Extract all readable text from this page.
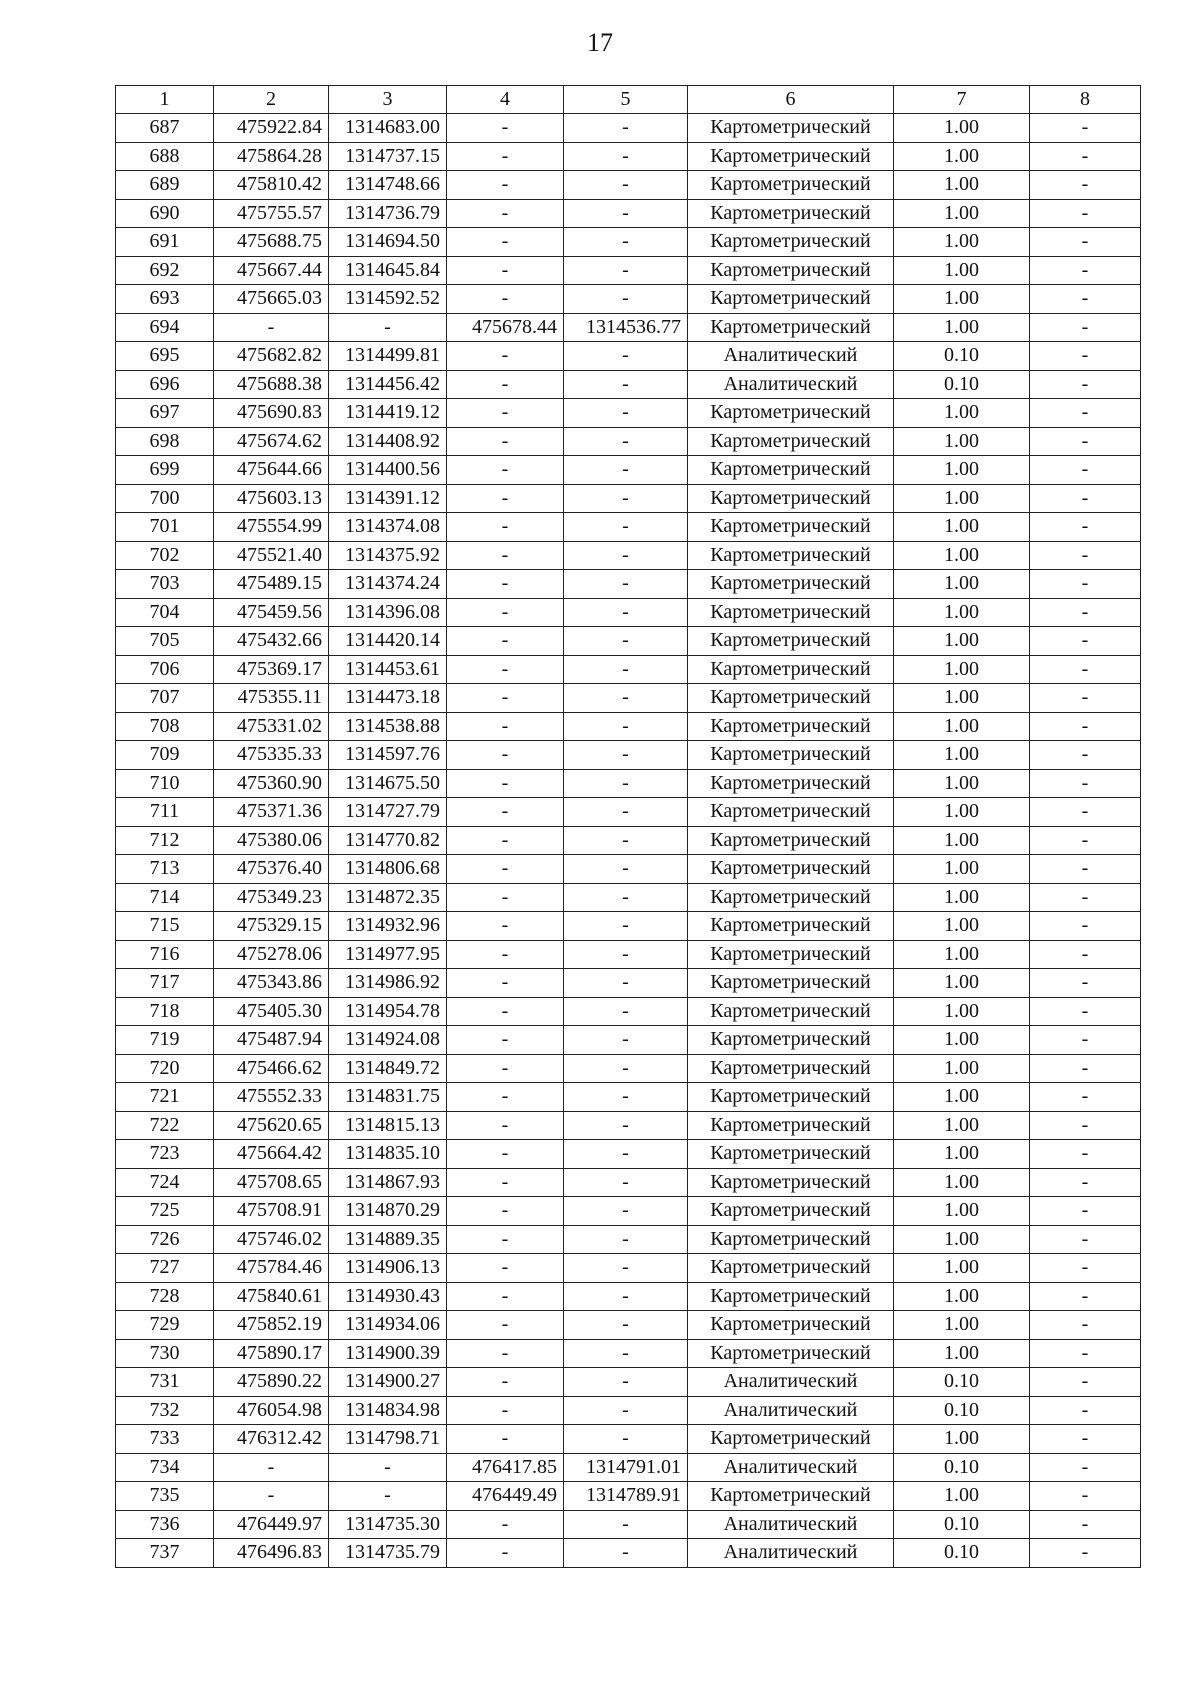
17
1	2	3	4	5	6	7	8
687	475922.84	1314683.00	-	-	Картометрический	1.00	-
688	475864.28	1314737.15	-	-	Картометрический	1.00	-
689	475810.42	1314748.66	-	-	Картометрический	1.00	-
690	475755.57	1314736.79	-	-	Картометрический	1.00	-
691	475688.75	1314694.50	-	-	Картометрический	1.00	-
692	475667.44	1314645.84	-	-	Картометрический	1.00	-
693	475665.03	1314592.52	-	-	Картометрический	1.00	-
694	-	-	475678.44	1314536.77	Картометрический	1.00	-
695	475682.82	1314499.81	-	-	Аналитический	0.10	-
696	475688.38	1314456.42	-	-	Аналитический	0.10	-
697	475690.83	1314419.12	-	-	Картометрический	1.00	-
698	475674.62	1314408.92	-	-	Картометрический	1.00	-
699	475644.66	1314400.56	-	-	Картометрический	1.00	-
700	475603.13	1314391.12	-	-	Картометрический	1.00	-
701	475554.99	1314374.08	-	-	Картометрический	1.00	-
702	475521.40	1314375.92	-	-	Картометрический	1.00	-
703	475489.15	1314374.24	-	-	Картометрический	1.00	-
704	475459.56	1314396.08	-	-	Картометрический	1.00	-
705	475432.66	1314420.14	-	-	Картометрический	1.00	-
706	475369.17	1314453.61	-	-	Картометрический	1.00	-
707	475355.11	1314473.18	-	-	Картометрический	1.00	-
708	475331.02	1314538.88	-	-	Картометрический	1.00	-
709	475335.33	1314597.76	-	-	Картометрический	1.00	-
710	475360.90	1314675.50	-	-	Картометрический	1.00	-
711	475371.36	1314727.79	-	-	Картометрический	1.00	-
712	475380.06	1314770.82	-	-	Картометрический	1.00	-
713	475376.40	1314806.68	-	-	Картометрический	1.00	-
714	475349.23	1314872.35	-	-	Картометрический	1.00	-
715	475329.15	1314932.96	-	-	Картометрический	1.00	-
716	475278.06	1314977.95	-	-	Картометрический	1.00	-
717	475343.86	1314986.92	-	-	Картометрический	1.00	-
718	475405.30	1314954.78	-	-	Картометрический	1.00	-
719	475487.94	1314924.08	-	-	Картометрический	1.00	-
720	475466.62	1314849.72	-	-	Картометрический	1.00	-
721	475552.33	1314831.75	-	-	Картометрический	1.00	-
722	475620.65	1314815.13	-	-	Картометрический	1.00	-
723	475664.42	1314835.10	-	-	Картометрический	1.00	-
724	475708.65	1314867.93	-	-	Картометрический	1.00	-
725	475708.91	1314870.29	-	-	Картометрический	1.00	-
726	475746.02	1314889.35	-	-	Картометрический	1.00	-
727	475784.46	1314906.13	-	-	Картометрический	1.00	-
728	475840.61	1314930.43	-	-	Картометрический	1.00	-
729	475852.19	1314934.06	-	-	Картометрический	1.00	-
730	475890.17	1314900.39	-	-	Картометрический	1.00	-
731	475890.22	1314900.27	-	-	Аналитический	0.10	-
732	476054.98	1314834.98	-	-	Аналитический	0.10	-
733	476312.42	1314798.71	-	-	Картометрический	1.00	-
734	-	-	476417.85	1314791.01	Аналитический	0.10	-
735	-	-	476449.49	1314789.91	Картометрический	1.00	-
736	476449.97	1314735.30	-	-	Аналитический	0.10	-
737	476496.83	1314735.79	-	-	Аналитический	0.10	-
